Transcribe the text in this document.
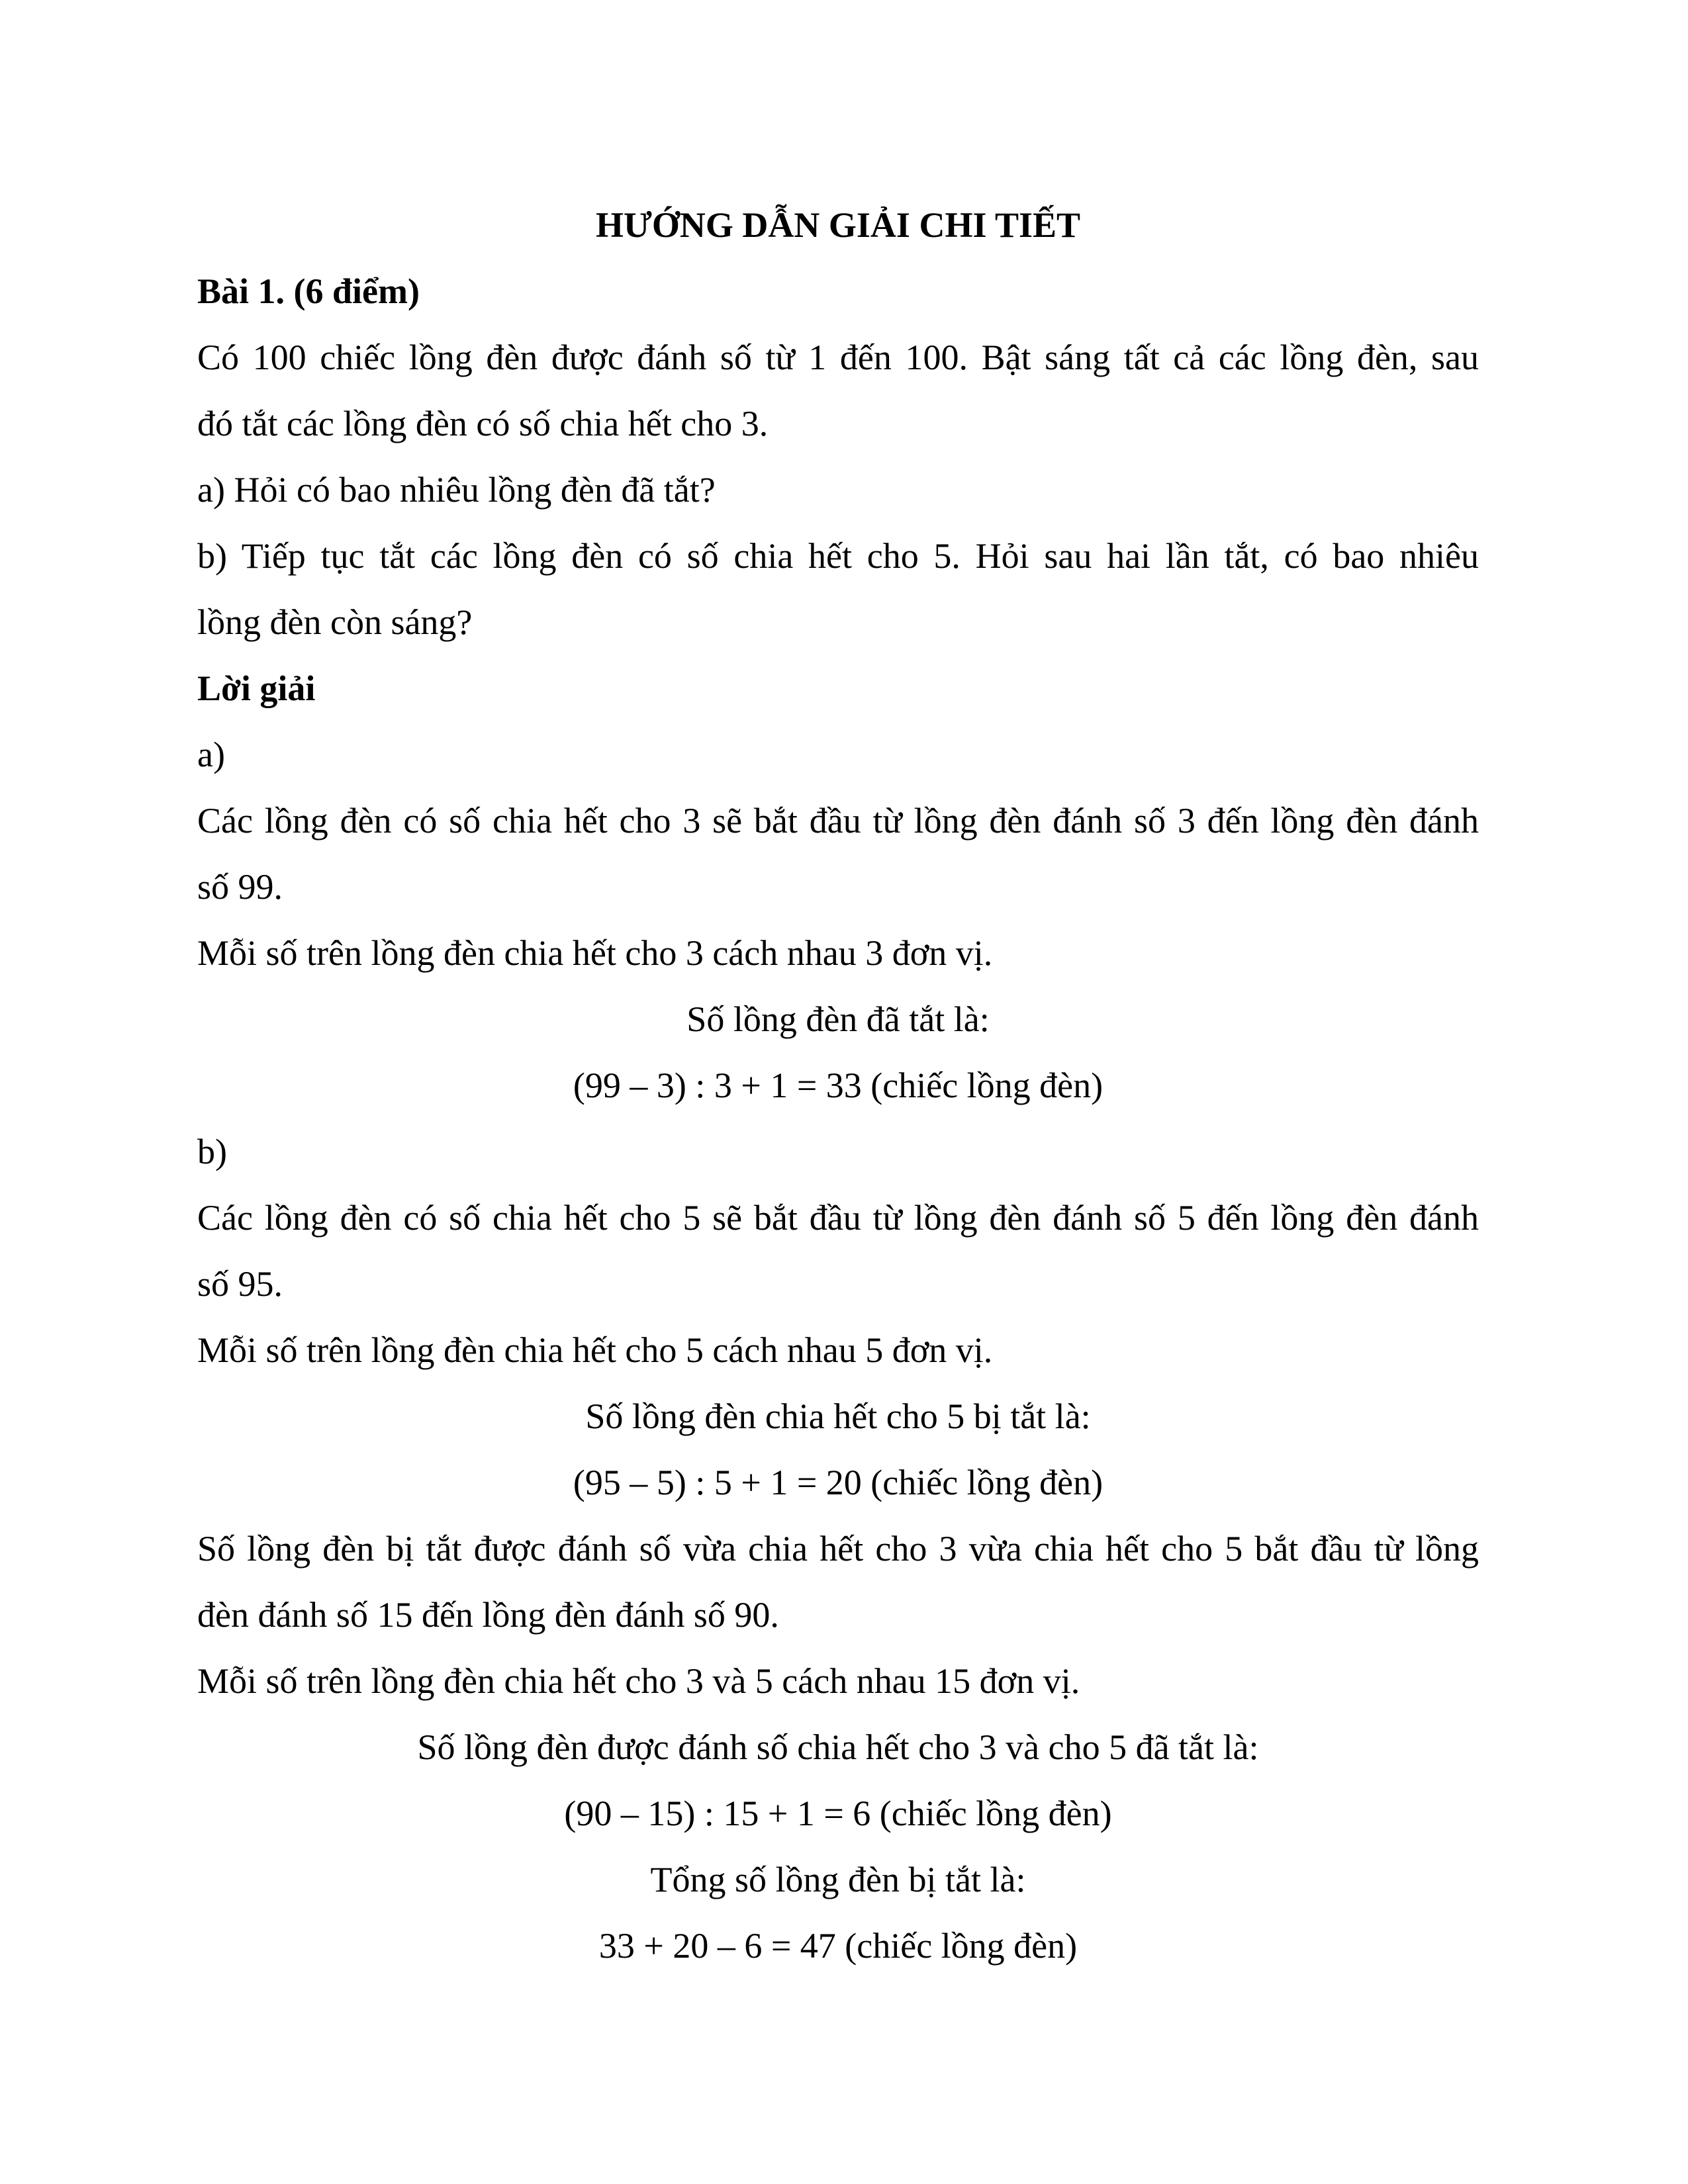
HƯỚNG DẪN GIẢI CHI TIẾT
Bài 1. (6 điểm)
Có 100 chiếc lồng đèn được đánh số từ 1 đến 100. Bật sáng tất cả các lồng đèn, sau
đó tắt các lồng đèn có số chia hết cho 3.
a) Hỏi có bao nhiêu lồng đèn đã tắt?
b) Tiếp tục tắt các lồng đèn có số chia hết cho 5. Hỏi sau hai lần tắt, có bao nhiêu
lồng đèn còn sáng?
Lời giải
a)
Các lồng đèn có số chia hết cho 3 sẽ bắt đầu từ lồng đèn đánh số 3 đến lồng đèn đánh
số 99.
Mỗi số trên lồng đèn chia hết cho 3 cách nhau 3 đơn vị.
Số lồng đèn đã tắt là:
(99 – 3) : 3 + 1 = 33 (chiếc lồng đèn)
b)
Các lồng đèn có số chia hết cho 5 sẽ bắt đầu từ lồng đèn đánh số 5 đến lồng đèn đánh
số 95.
Mỗi số trên lồng đèn chia hết cho 5 cách nhau 5 đơn vị.
Số lồng đèn chia hết cho 5 bị tắt là:
(95 – 5) : 5 + 1 = 20 (chiếc lồng đèn)
Số lồng đèn bị tắt được đánh số vừa chia hết cho 3 vừa chia hết cho 5 bắt đầu từ lồng
đèn đánh số 15 đến lồng đèn đánh số 90.
Mỗi số trên lồng đèn chia hết cho 3 và 5 cách nhau 15 đơn vị.
Số lồng đèn được đánh số chia hết cho 3 và cho 5 đã tắt là:
(90 – 15) : 15 + 1 = 6 (chiếc lồng đèn)
Tổng số lồng đèn bị tắt là:
33 + 20 – 6 = 47 (chiếc lồng đèn)
